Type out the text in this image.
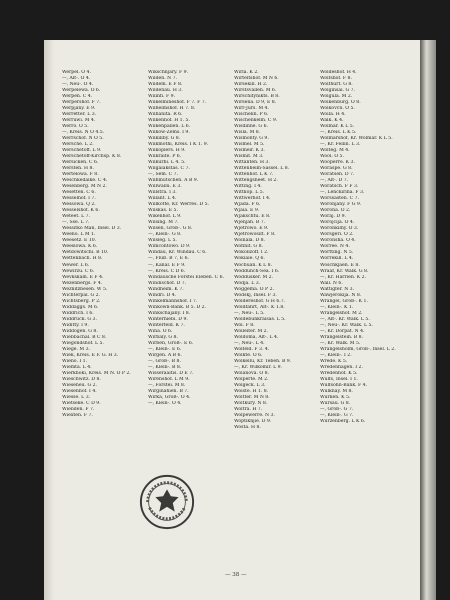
Werpel. O 4.
—, Alt-. O 4.
—, Neu-. O 4.
Werpelewa. O 6.
Werpen. C 4.
Werpershof. F 7.
Werpjany. E 9.
Werretter. L 3.
Werruwi. M 4.
Werro. O 5.
—, Kreis. N O 4.5.
Werrschof. N O 5.
Wersche. L 2.
Werschetoff. L 9.
Werschetoff-Kirchsp. K 8.
Wersicken. C 6.
Wersten. H 8.
Wertelowa. F 8.
Weschkedalke. C 4.
Wesenberg. M N 2.
Wesetten. C 6.
Wesselhof. I 7.
Wessowa. Q 2.
Wesselshof. K 6.
Weteet. L 7.
—, Sse. L 7.
Wessitko Man, Insel. D 3.
Weeno. L M 1.
Weesetz. E 10.
Weeslowa. K 6.
Wetdowitschi. B 10.
Wettenbach. H 8.
Wewer. L 6.
Wewirzu. C 6.
Wevkskaln. E F 4.
Wezenbergs. F 4.
Weznitzbesen. W 5.
Wichterpal. G 2.
Wichtsberg. P 2.
Widdaggs. M 6.
Widdrich. I 6.
Widdruck. G 3.
Widitty. I 9.
Widdogen. G 8.
Wiebbachal. B C 8.
Wiegondshof. L 5.
Wiege. M 3.
Wiek, Kreis. E F. G. H 3.
Wieno. I 1.
Wiemta. L 4.
Wierkhoki, Kreis. M N. O P 2.
Wieschwitz. D 8.
Wieseneu. G 2.
Wiesenhof. I 4.
Wiesse. L 3.
Wietseke. C D 9.
Wienden. F 7.
Wiexten. F 7.
Wikschnjary. F 9.
Wilden. N 7.
Wildem. E F 8.
Wildenau. H 3.
Wilinfi. F 9.
Wilkelmineshof. F 7. F 7.
Wilhelmshof. H 7. 8.
Wilhanita. R 6.
Wilkenhof. H 1. 5.
Wilkenpallen. L 6.
Wilkow-Zems. I 9.
Wilkillby. G 8.
Wilkmothi, Kreis. I K 1. 9.
Wilkoplers. H 9.
Wilkraite. P 6.
Wilkurbi. L 4. 5.
Wilgalakstas. C 7.
—, Sem. C 7.
Wilhmutschen. A B 9.
Willwallu. E 3.
Willstra. I 3.
Willant. L 4.
Willkotte, Kr. Werres. D 5.
Wilskas. E 5.
Wikenhof. L 9.
Wilsing. M 7.
Wilsen, Groß-. G 8.
—, Klein-. G 8.
Wilsleg. L 5.
Wimcontowo. D 9.
Windau, Kr. Windau. C 6.
—, Fluß. B 7, E 6.
—, Kanal. E F 9.
—, Kreis. C D 6.
Windausche Forstei Eleben. C 6.
Windischof. D 7.
Windheim. K 7.
Windri. D 4.
Winkelmannshof. I 7.
Winkown-Bank. B 5. D 2.
Winkschajany. I 8.
Winterhiebi. D 9.
Winterfeld. K 7.
Wina. O 6.
Wirbaly. G 8.
Wirben, Groß-. E 6.
—, Klein-. E 6.
Wirgen. A B 6.
—, Groß-. B 8.
—, Klein-. B 8.
Wisseraaitis. D E 7.
Wirenshof. L M 9.
—, Forstei. M 8.
Wirginahien. B 7.
Wirka, Groß-. O 4.
—, Klein-. O 4.
Wirla. K 2.
Wirteltshof. M N 6.
Wirsekill. H 2.
Wirstsvallen. M 6.
Wirschitynikts. B 8.
Wirsena. D 9, E 8.
Wirr-Jürs. M 4.
Wischelin. P 6.
Wischenkelm. C 9.
Wisdinne. G 6.
Wisla. M 8.
Wismonty. G 9.
Wismel. M 5.
Wismeir. K 3.
Wismit. M 3.
Wittanten. H 3.
Wittenheim-Sassel. L 8.
Wittenhof. L K 7.
Wittengsheet. H 2.
Witting. I 4.
Wittkop. L 5.
Wittwerhof. I 4.
Wjada. F 6.
Wjaia. E 9.
Wjakschtu. E 8.
Wjenjah. B 7.
Wjetrowo. E 9.
Wjetrowosilt. F 8.
Woinala. D 8.
Wofinit. G 8.
Wokolizoff. I 2.
Wokiaie. Q 6.
Wochuan. K L 8.
Woddunch-Sea. I 6.
Woddusker. M 2.
Wodja. L 3.
Woggema. O P 2.
Wodskj, Insel. F 3.
Woldereshof. G H 6.7.
Woldfahrt, Alt-. K 1.8.
—, Neu-. L 5.
Woldebunkraisas. L 5.
Wol. F 8.
Wolleiter. M 2.
Woldoma, Alt-. L 4.
—, Neu-. L 4.
Wolfeld. F 3. 4.
Wolkte. O 6.
Wolkellu, Kr. Tebeh. B 9.
—, Kr. Wilkomir. L 9.
Wolanova. O 8.
Wolperte. M 2.
Wolgeck. L 3.
Woiste. H 1. 8.
Woltter. M N 8.
Woltkury. N 8.
Woltra. H 7.
Wolpewerre. N 3.
Woptiknjie. D 9.
Wosta. H 8.
Woldeshof. H 4.
Wolfshof. F 8.
Wolfhurt. G 8.
Wolginsal. G 7.
Wolgula. M 2.
Wolkenburg. O 8.
Wolkovcn. O 5.
Woila. H 4.
Walk. K 4.
Wolmar. K L 5.
—, Kreis. L K 5.
Wolmarshof, Kr. Wolmar. K L 5.
—, Kr. Fellin. L 3.
Wolteg. M 4.
Wool. O 5.
Wooperre. K 3.
Woraspe. G 8.
Woratsen. D 7.
—, Alt-. D 7.
Woratsch. F F 3.
—, Lenckirina. F 3.
Worssasten. C 7.
Woronjany. F G 9.
Worona. O 2.
Woraj. D 9.
Worojcija. O 4.
Woronkilny. O 3.
Worsgeri. O 2.
Woronsha. O 4.
Worree. N 4.
Wörtting. N 5.
Worrekill. L 4.
Woschkjaen. E 8.
Wraaf, Kr. Walk. G 8.
—, Kr. Harrien. K 2.
Wall. N 6.
Wattigfer. N 3.
Wawjerokija. N 8.
Wrangel, Groß-. K 1.
—, Klein-. K 1.
Wrangelshof. M 2.
—, Alt-. Kr. Walk. L 5.
—, Neu-. Kr. Walk. L 5.
—, Kr. Dorpat. N 4.
Wrangelstein. B 8.
—, Kr. Walk. M 5.
Wrangelsholm, Groß-. Insel. L 2.
—, Klein-. I 2.
Wrede. K 5.
Wredenhagen. I 2.
Wredenhof. K 5.
Wulfs, Insel. I 1.
Wulfsohn-Bank. F 4.
Wulknay. M 8.
Würken. K 5.
Würsau. G 8.
—, Groß-. G 7.
—, Klein-. G 7.
Würzenberg. L K 6.
— 38 —
